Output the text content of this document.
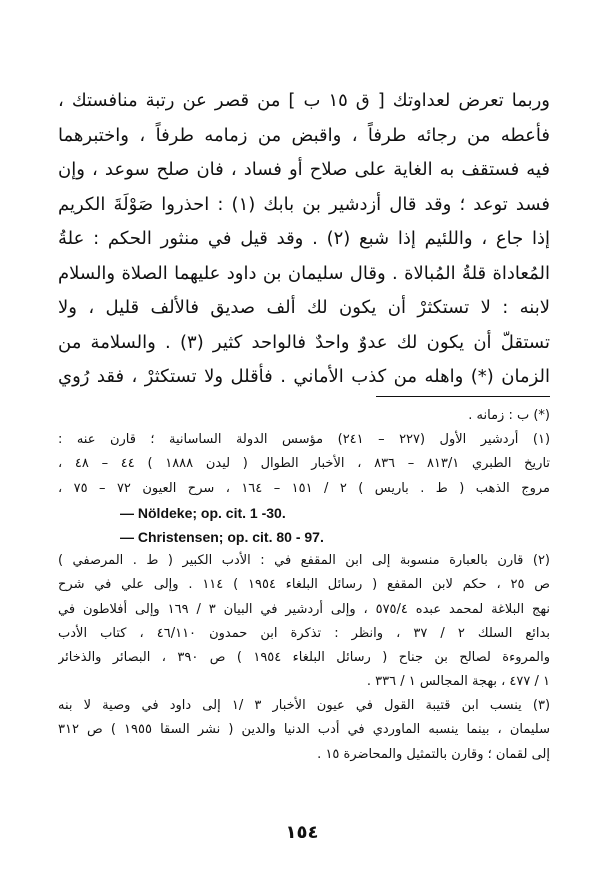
وربما تعرض لعداوتك [ ق ١٥ ب ] من قصر عن رتبة منافستك ،
فأعطه من رجائه طرفاً ، واقبض من زمامه طرفاً ، واختبرهما
فيه فستقف به الغاية على صلاح أو فساد ، فان صلح سوعد ، وإن
فسد توعد ؛ وقد قال أزدشير بن بابك (١) : احذروا صَوْلَةَ الكريم
إذا جاع ، واللئيم إذا شبع (٢) . وقد قيل في منثور الحكم : علةُ
المُعاداة قلةُ المُبالاة . وقال سليمان بن داود عليهما الصلاة والسلام
لابنه : لا تستكثرْ أن يكون لك ألف صديق فالألف قليل ، ولا
تستقلّ أن يكون لك عدوٌ واحدٌ فالواحد كثير (٣) . والسلامة من
الزمان (*) واهله من كذب الأماني . فأقلل ولا تستكثرْ ، فقد رُوي
(*) ب : زمانه .
(١) أردشير الأول (٢٢٧ – ٢٤١) مؤسس الدولة الساسانية ؛ قارن عنه :
تاريخ الطبري ٨١٣/١ – ٨٣٦ ، الأخبار الطوال ( ليدن ١٨٨٨ ) ٤٤ – ٤٨ ،
مروج الذهب ( ط . باريس ) ٢ / ١٥١ – ١٦٤ ، سرح العيون ٧٢ – ٧٥ ،
— Nöldeke; op. cit. 1 -30.
— Christensen; op. cit. 80 - 97.
(٢) قارن بالعبارة منسوبة إلى ابن المقفع في : الأدب الكبير ( ط . المرصفي )
ص ٢٥ ، حكم لابن المقفع ( رسائل البلغاء ١٩٥٤ ) ١١٤ . وإلى علي في شرح
نهج البلاغة لمحمد عبده ٥٧٥/٤ ، وإلى أردشير في البيان ٣ / ١٦٩ وإلى أفلاطون في
بدائع السلك ٢ / ٣٧ ، وانظر : تذكرة ابن حمدون ٤٦/١١٠ ، كتاب الأدب
والمروءة لصالح بن جناح ( رسائل البلغاء ١٩٥٤ ) ص ٣٩٠ ، البصائر والذخائر
١ / ٤٧٧ ، بهجة المجالس ١ / ٣٣٦ .
(٣) ينسب ابن قتيبة القول في عيون الأخبار ٣ /١ إلى داود في وصية لا بنه
سليمان ، بينما ينسبه الماوردي في أدب الدنيا والدين ( نشر السقا ١٩٥٥ ) ص ٣١٢
إلى لقمان ؛ وقارن بالتمثيل والمحاضرة ١٥ .
١٥٤
